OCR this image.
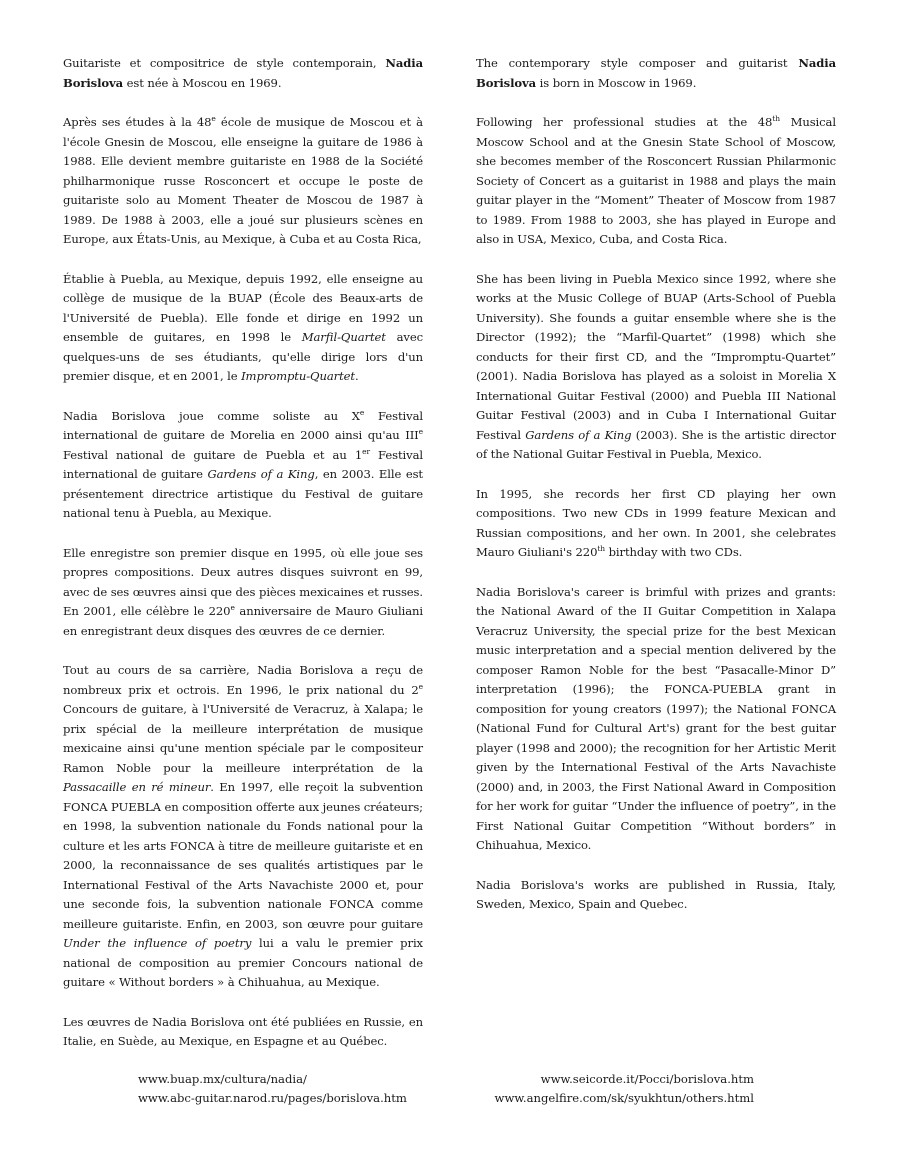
Guitariste et compositrice de style contemporain, Nadia Borislova est née à Moscou en 1969.

Après ses études à la 48e école de musique de Moscou et à l'école Gnesin de Moscou, elle enseigne la guitare de 1986 à 1988. Elle devient membre guitariste en 1988 de la Société philharmonique russe Rosconcert et occupe le poste de guitariste solo au Moment Theater de Moscou de 1987 à 1989. De 1988 à 2003, elle a joué sur plusieurs scènes en Europe, aux États-Unis, au Mexique, à Cuba et au Costa Rica,

Établie à Puebla, au Mexique, depuis 1992, elle enseigne au collège de musique de la BUAP (École des Beaux-arts de l'Université de Puebla). Elle fonde et dirige en 1992 un ensemble de guitares, en 1998 le Marfil-Quartet avec quelques-uns de ses étudiants, qu'elle dirige lors d'un premier disque, et en 2001, le Impromptu-Quartet.

Nadia Borislova joue comme soliste au Xe Festival international de guitare de Morelia en 2000 ainsi qu'au IIIe Festival national de guitare de Puebla et au 1er Festival international de guitare Gardens of a King, en 2003. Elle est présentement directrice artistique du Festival de guitare national tenu à Puebla, au Mexique.

Elle enregistre son premier disque en 1995, où elle joue ses propres compositions. Deux autres disques suivront en 99, avec de ses œuvres ainsi que des pièces mexicaines et russes. En 2001, elle célèbre le 220e anniversaire de Mauro Giuliani en enregistrant deux disques des œuvres de ce dernier.

Tout au cours de sa carrière, Nadia Borislova a reçu de nombreux prix et octrois. En 1996, le prix national du 2e Concours de guitare, à l'Université de Veracruz, à Xalapa; le prix spécial de la meilleure interprétation de musique mexicaine ainsi qu'une mention spéciale par le compositeur Ramon Noble pour la meilleure interprétation de la Passacaille en ré mineur. En 1997, elle reçoit la subvention FONCA PUEBLA en composition offerte aux jeunes créateurs; en 1998, la subvention nationale du Fonds national pour la culture et les arts FONCA à titre de meilleure guitariste et en 2000, la reconnaissance de ses qualités artistiques par le International Festival of the Arts Navachiste 2000 et, pour une seconde fois, la subvention nationale FONCA comme meilleure guitariste. Enfin, en 2003, son œuvre pour guitare Under the influence of poetry lui a valu le premier prix national de composition au premier Concours national de guitare « Without borders » à Chihuahua, au Mexique.

Les œuvres de Nadia Borislova ont été publiées en Russie, en Italie, en Suède, au Mexique, en Espagne et au Québec.

The contemporary style composer and guitarist Nadia Borislova is born in Moscow in 1969.

Following her professional studies at the 48th Musical Moscow School and at the Gnesin State School of Moscow, she becomes member of the Rosconcert Russian Philarmonic Society of Concert as a guitarist in 1988 and plays the main guitar player in the “Moment” Theater of Moscow from 1987 to 1989. From 1988 to 2003, she has played in Europe and also in USA, Mexico, Cuba, and Costa Rica.

She has been living in Puebla Mexico since 1992, where she works at the Music College of BUAP (Arts-School of Puebla University). She founds a guitar ensemble where she is the Director (1992); the “Marfil-Quartet” (1998) which she conducts for their first CD, and the “Impromptu-Quartet” (2001). Nadia Borislova has played as a soloist in Morelia X International Guitar Festival (2000) and Puebla III National Guitar Festival (2003) and in Cuba I International Guitar Festival Gardens of a King (2003). She is the artistic director of the National Guitar Festival in Puebla, Mexico.

In 1995, she records her first CD playing her own compositions. Two new CDs in 1999 feature Mexican and Russian compositions, and her own. In 2001, she celebrates Mauro Giuliani's 220th birthday with two CDs.

Nadia Borislova's career is brimful with prizes and grants: the National Award of the II Guitar Competition in Xalapa Veracruz University, the special prize for the best Mexican music interpretation and a special mention delivered by the composer Ramon Noble for the best “Pasacalle-Minor D” interpretation (1996); the FONCA-PUEBLA grant in composition for young creators (1997); the National FONCA (National Fund for Cultural Art's) grant for the best guitar player (1998 and 2000); the recognition for her Artistic Merit given by the International Festival of the Arts Navachiste (2000) and, in 2003, the First National Award in Composition for her work for guitar “Under the influence of poetry”, in the First National Guitar Competition “Without borders” in Chihuahua, Mexico.

Nadia Borislova's works are published in Russia, Italy, Sweden, Mexico, Spain and Quebec.

www.buap.mx/cultura/nadia/
www.abc-guitar.narod.ru/pages/borislova.htm
www.seicorde.it/Pocci/borislova.htm
www.angelfire.com/sk/syukhtun/others.html
